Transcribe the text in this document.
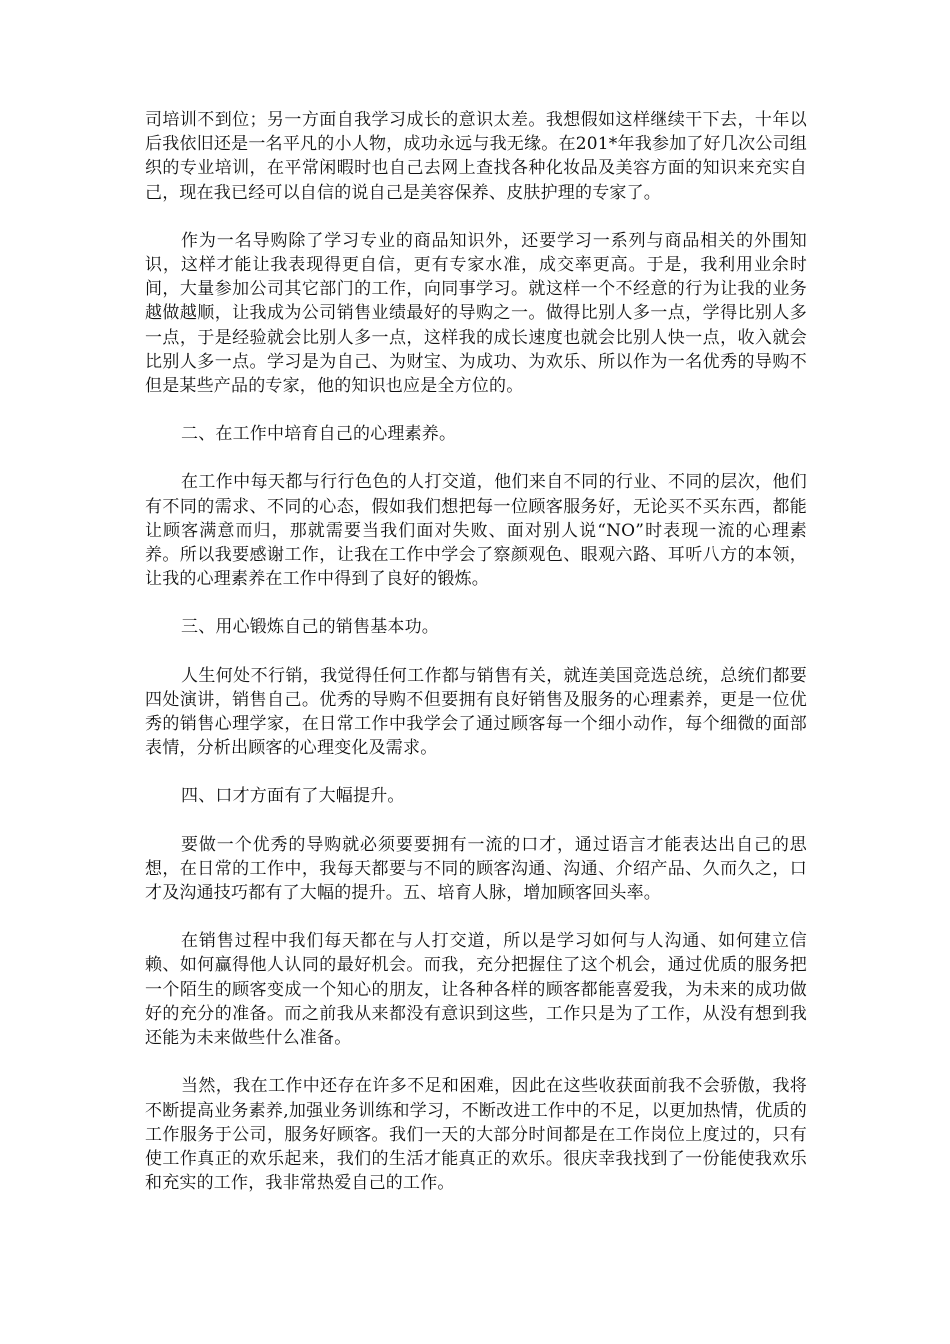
司培训不到位；另一方面自我学习成长的意识太差。我想假如这样继续干下去，十年以后我依旧还是一名平凡的小人物，成功永远与我无缘。在201*年我参加了好几次公司组织的专业培训，在平常闲暇时也自己去网上查找各种化妆品及美容方面的知识来充实自己，现在我已经可以自信的说自己是美容保养、皮肤护理的专家了。

作为一名导购除了学习专业的商品知识外，还要学习一系列与商品相关的外围知识，这样才能让我表现得更自信，更有专家水准，成交率更高。于是，我利用业余时间，大量参加公司其它部门的工作，向同事学习。就这样一个不经意的行为让我的业务越做越顺，让我成为公司销售业绩最好的导购之一。做得比别人多一点，学得比别人多一点，于是经验就会比别人多一点，这样我的成长速度也就会比别人快一点，收入就会比别人多一点。学习是为自己、为财宝、为成功、为欢乐、所以作为一名优秀的导购不但是某些产品的专家，他的知识也应是全方位的。

二、在工作中培育自己的心理素养。

在工作中每天都与行行色色的人打交道，他们来自不同的行业、不同的层次，他们有不同的需求、不同的心态，假如我们想把每一位顾客服务好，无论买不买东西，都能让顾客满意而归，那就需要当我们面对失败、面对别人说“NO”时表现一流的心理素养。所以我要感谢工作，让我在工作中学会了察颜观色、眼观六路、耳听八方的本领，让我的心理素养在工作中得到了良好的锻炼。

三、用心锻炼自己的销售基本功。

人生何处不行销，我觉得任何工作都与销售有关，就连美国竞选总统，总统们都要四处演讲，销售自己。优秀的导购不但要拥有良好销售及服务的心理素养，更是一位优秀的销售心理学家，在日常工作中我学会了通过顾客每一个细小动作，每个细微的面部表情，分析出顾客的心理变化及需求。

四、口才方面有了大幅提升。

要做一个优秀的导购就必须要要拥有一流的口才，通过语言才能表达出自己的思想，在日常的工作中，我每天都要与不同的顾客沟通、沟通、介绍产品、久而久之，口才及沟通技巧都有了大幅的提升。五、培育人脉，增加顾客回头率。

在销售过程中我们每天都在与人打交道，所以是学习如何与人沟通、如何建立信赖、如何赢得他人认同的最好机会。而我，充分把握住了这个机会，通过优质的服务把一个陌生的顾客变成一个知心的朋友，让各种各样的顾客都能喜爱我，为未来的成功做好的充分的准备。而之前我从来都没有意识到这些，工作只是为了工作，从没有想到我还能为未来做些什么准备。

当然，我在工作中还存在许多不足和困难，因此在这些收获面前我不会骄傲，我将不断提高业务素养,加强业务训练和学习，不断改进工作中的不足，以更加热情，优质的工作服务于公司，服务好顾客。我们一天的大部分时间都是在工作岗位上度过的，只有使工作真正的欢乐起来，我们的生活才能真正的欢乐。很庆幸我找到了一份能使我欢乐和充实的工作，我非常热爱自己的工作。
